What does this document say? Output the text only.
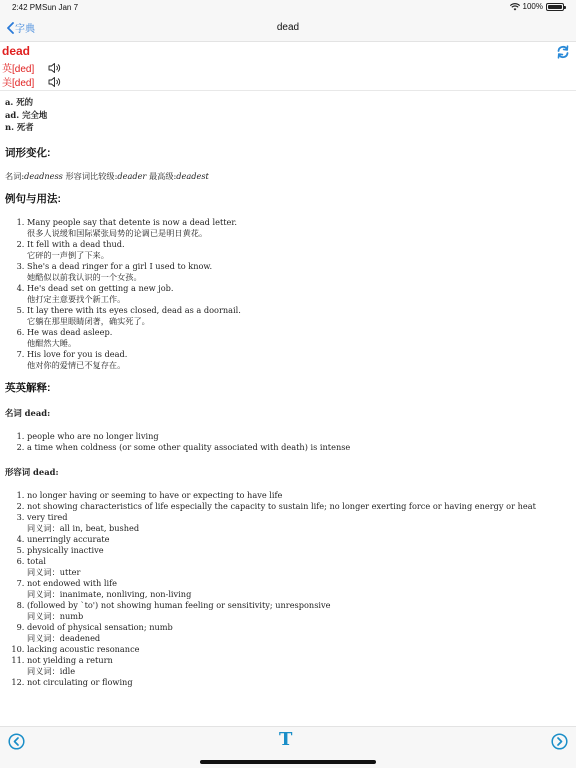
2:42 PM Sun Jan 7	100%
字典	dead
dead
英[ded]
美[ded]
a. 死的
ad. 完全地
n. 死者
词形变化:
名词:deadness 形容词比较级:deader 最高级:deadest
例句与用法:
1. Many people say that detente is now a dead letter.
很多人说缓和国际紧张局势的论调已是明日黄花。
2. It fell with a dead thud.
它砰的一声倒了下来。
3. She's a dead ringer for a girl I used to know.
她酷似以前我认识的一个女孩。
4. He's dead set on getting a new job.
他打定主意要找个新工作。
5. It lay there with its eyes closed, dead as a doornail.
它躺在那里眼睛闭著，确实死了。
6. He was dead asleep.
他酣然大睡。
7. His love for you is dead.
他对你的爱情已不复存在。
英英解释:
名词 dead:
1. people who are no longer living
2. a time when coldness (or some other quality associated with death) is intense
形容词 dead:
1. no longer having or seeming to have or expecting to have life
2. not showing characteristics of life especially the capacity to sustain life; no longer exerting force or having energy or heat
3. very tired
同义词：all in, beat, bushed
4. unerringly accurate
5. physically inactive
6. total
同义词：utter
7. not endowed with life
同义词：inanimate, nonliving, non-living
8. (followed by `to') not showing human feeling or sensitivity; unresponsive
同义词：numb
9. devoid of physical sensation; numb
同义词：deadened
10. lacking acoustic resonance
11. not yielding a return
同义词：idle
12. not circulating or flowing
T
